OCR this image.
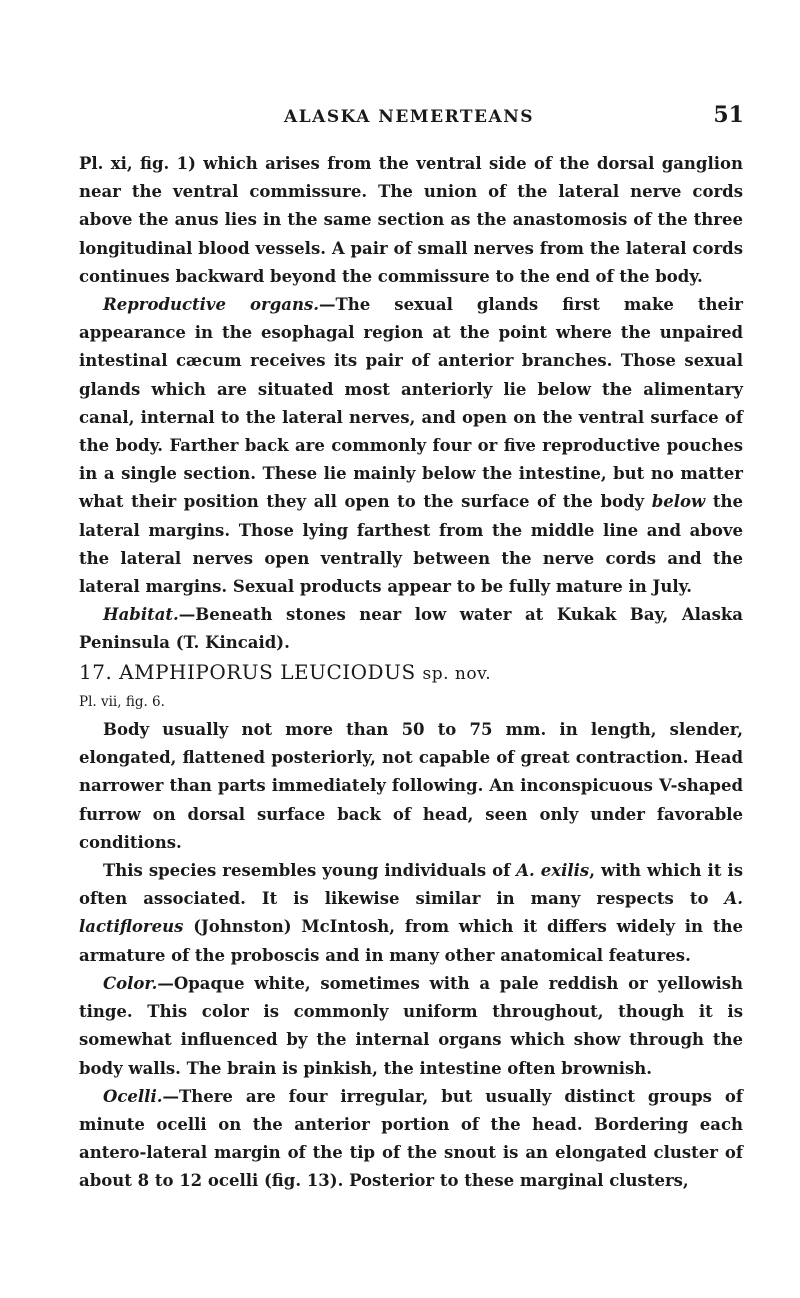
ALASKA NEMERTEANS	51

Pl. xi, fig. 1) which arises from the ventral side of the dorsal ganglion near the ventral commissure. The union of the lateral nerve cords above the anus lies in the same section as the anastomosis of the three longitudinal blood vessels. A pair of small nerves from the lateral cords continues backward beyond the commissure to the end of the body.

Reproductive organs.—The sexual glands first make their appearance in the esophagal region at the point where the unpaired intestinal cæcum receives its pair of anterior branches. Those sexual glands which are situated most anteriorly lie below the alimentary canal, internal to the lateral nerves, and open on the ventral surface of the body. Farther back are commonly four or five reproductive pouches in a single section. These lie mainly below the intestine, but no matter what their position they all open to the surface of the body below the lateral margins. Those lying farthest from the middle line and above the lateral nerves open ventrally between the nerve cords and the lateral margins. Sexual products appear to be fully mature in July.

Habitat.—Beneath stones near low water at Kukak Bay, Alaska Peninsula (T. Kincaid).

17. AMPHIPORUS LEUCIODUS sp. nov.

Pl. vii, fig. 6.

Body usually not more than 50 to 75 mm. in length, slender, elongated, flattened posteriorly, not capable of great contraction. Head narrower than parts immediately following. An inconspicuous V-shaped furrow on dorsal surface back of head, seen only under favorable conditions.

This species resembles young individuals of A. exilis, with which it is often associated. It is likewise similar in many respects to A. lactifloreus (Johnston) McIntosh, from which it differs widely in the armature of the proboscis and in many other anatomical features.

Color.—Opaque white, sometimes with a pale reddish or yellowish tinge. This color is commonly uniform throughout, though it is somewhat influenced by the internal organs which show through the body walls. The brain is pinkish, the intestine often brownish.

Ocelli.—There are four irregular, but usually distinct groups of minute ocelli on the anterior portion of the head. Bordering each antero-lateral margin of the tip of the snout is an elongated cluster of about 8 to 12 ocelli (fig. 13). Posterior to these marginal clusters,
